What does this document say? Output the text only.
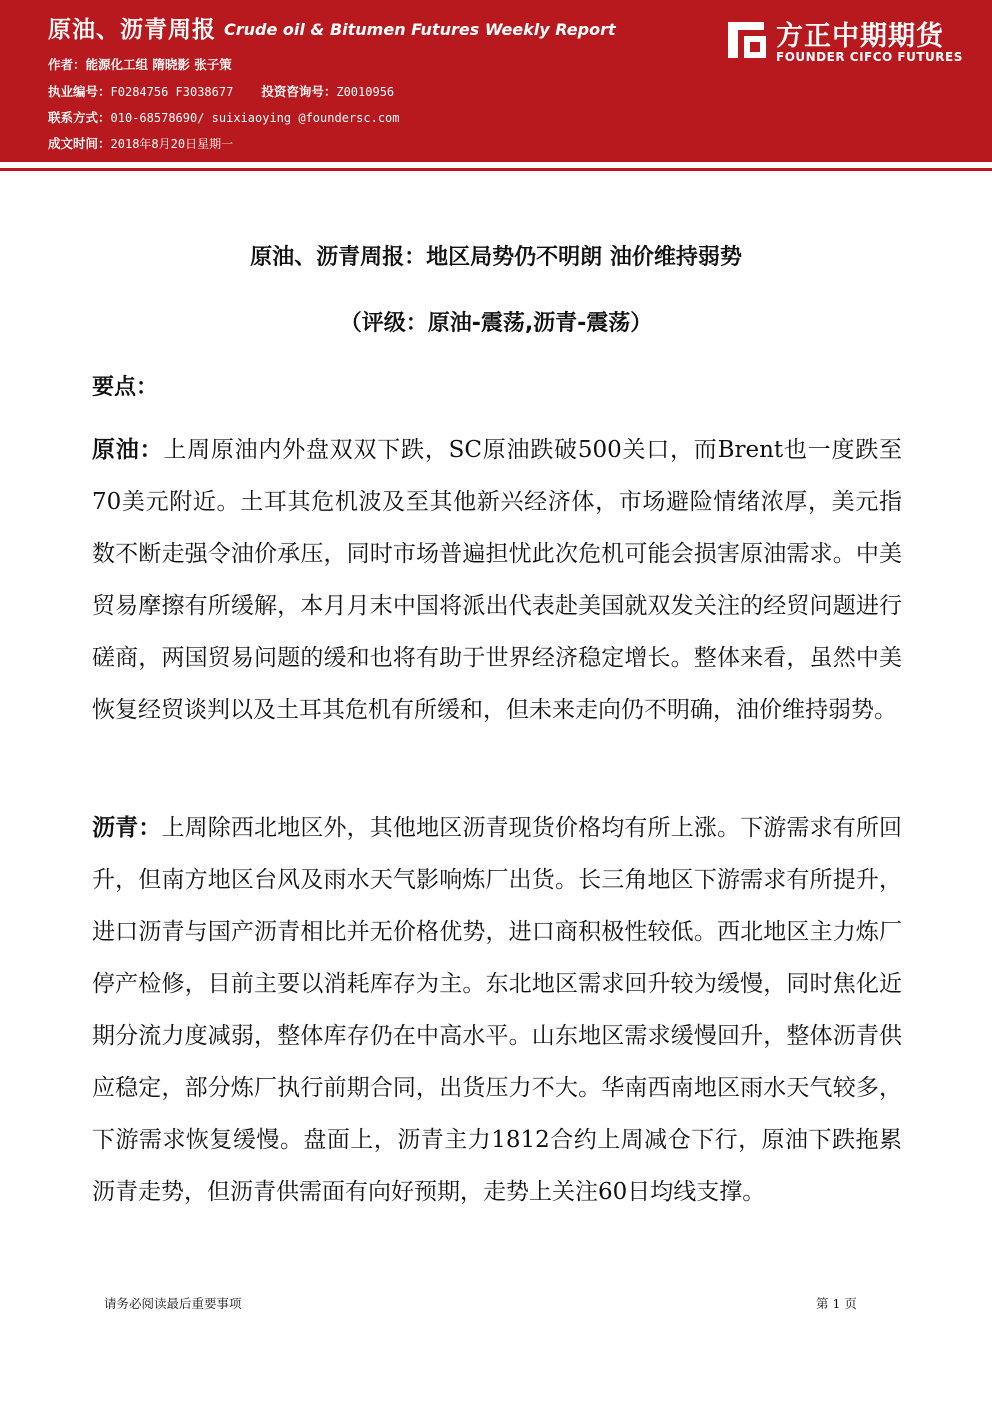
原油、沥青周报 Crude oil & Bitumen Futures Weekly Report
作者：能源化工组 隋晓影 张子策
执业编号：F0284756 F3038677 投资咨询号：Z0010956
联系方式：010-68578690/ suixiaoying @foundersc.com
成文时间：2018年8月20日星期一
方正中期期货
FOUNDER CIFCO FUTURES
原油、沥青周报：地区局势仍不明朗 油价维持弱势
（评级：原油-震荡,沥青-震荡）
要点：
原油：上周原油内外盘双双下跌，SC原油跌破500关口，而Brent也一度跌至70美元附近。土耳其危机波及至其他新兴经济体，市场避险情绪浓厚，美元指数不断走强令油价承压，同时市场普遍担忧此次危机可能会损害原油需求。中美贸易摩擦有所缓解，本月月末中国将派出代表赴美国就双发关注的经贸问题进行磋商，两国贸易问题的缓和也将有助于世界经济稳定增长。整体来看，虽然中美恢复经贸谈判以及土耳其危机有所缓和，但未来走向仍不明确，油价维持弱势。
沥青：上周除西北地区外，其他地区沥青现货价格均有所上涨。下游需求有所回升，但南方地区台风及雨水天气影响炼厂出货。长三角地区下游需求有所提升，进口沥青与国产沥青相比并无价格优势，进口商积极性较低。西北地区主力炼厂停产检修，目前主要以消耗库存为主。东北地区需求回升较为缓慢，同时焦化近期分流力度减弱，整体库存仍在中高水平。山东地区需求缓慢回升，整体沥青供应稳定，部分炼厂执行前期合同，出货压力不大。华南西南地区雨水天气较多，下游需求恢复缓慢。盘面上，沥青主力1812合约上周减仓下行，原油下跌拖累沥青走势，但沥青供需面有向好预期，走势上关注60日均线支撑。
请务必阅读最后重要事项	第 1 页
